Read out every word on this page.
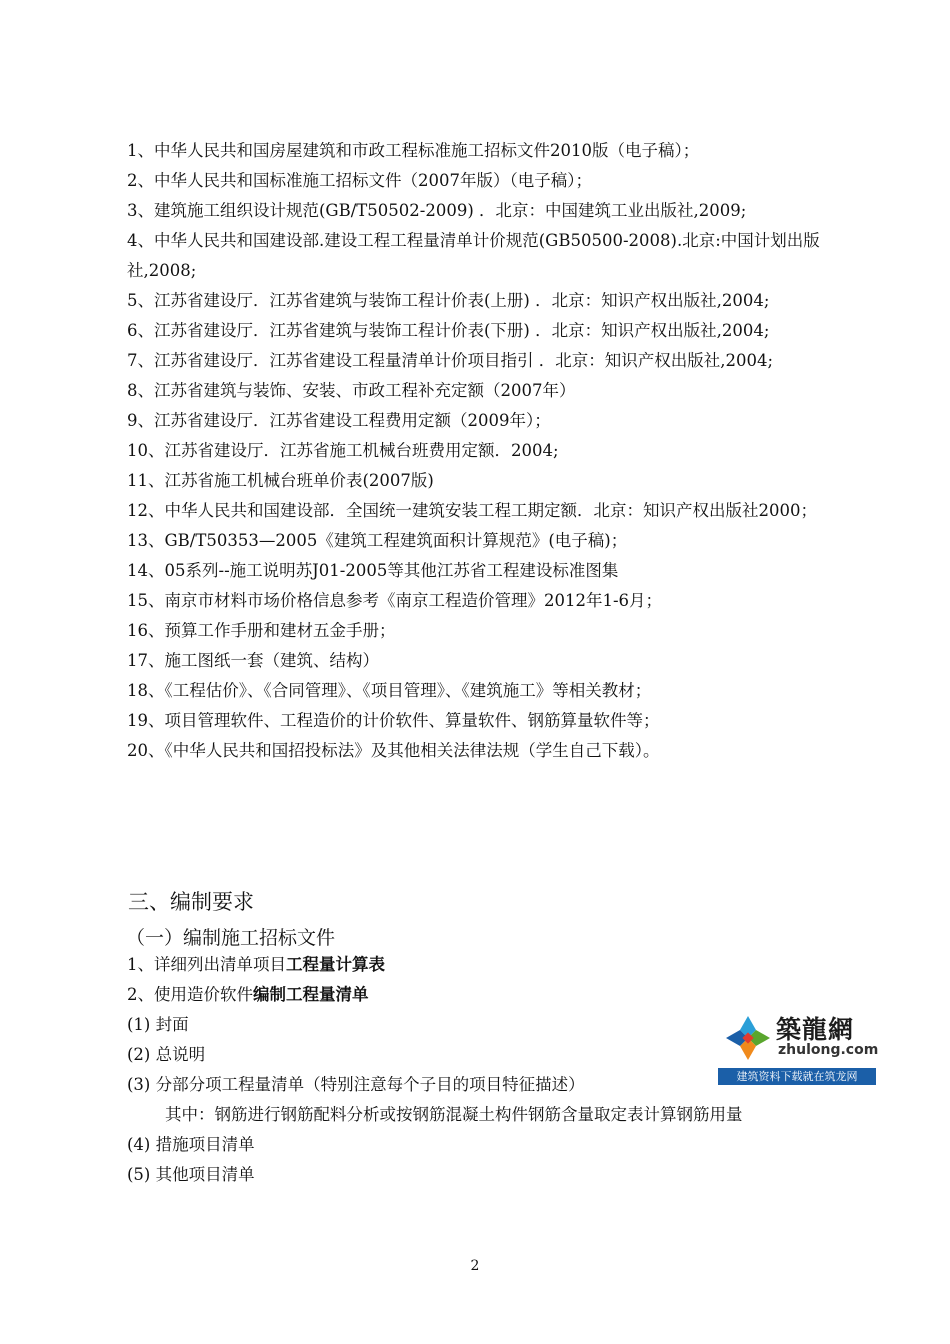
1、中华人民共和国房屋建筑和市政工程标准施工招标文件2010版（电子稿）；
2、中华人民共和国标准施工招标文件（2007年版）（电子稿）；
3、建筑施工组织设计规范(GB/T50502-2009) ．北京：中国建筑工业出版社,2009;
4、中华人民共和国建设部.建设工程工程量清单计价规范(GB50500-2008).北京:中国计划出版社,2008;
5、江苏省建设厅．江苏省建筑与装饰工程计价表(上册) ．北京：知识产权出版社,2004;
6、江苏省建设厅．江苏省建筑与装饰工程计价表(下册) ．北京：知识产权出版社,2004;
7、江苏省建设厅．江苏省建设工程量清单计价项目指引 ．北京：知识产权出版社,2004;
8、江苏省建筑与装饰、安装、市政工程补充定额（2007年）
9、江苏省建设厅．江苏省建设工程费用定额（2009年）；
10、江苏省建设厅．江苏省施工机械台班费用定额．2004;
11、江苏省施工机械台班单价表(2007版)
12、中华人民共和国建设部．全国统一建筑安装工程工期定额．北京：知识产权出版社2000；
13、GB/T50353—2005《建筑工程建筑面积计算规范》(电子稿)；
14、05系列--施工说明苏J01-2005等其他江苏省工程建设标准图集
15、南京市材料市场价格信息参考《南京工程造价管理》2012年1-6月；
16、预算工作手册和建材五金手册；
17、施工图纸一套（建筑、结构）
18、《工程估价》、《合同管理》、《项目管理》、《建筑施工》等相关教材；
19、项目管理软件、工程造价的计价软件、算量软件、钢筋算量软件等；
20、《中华人民共和国招投标法》及其他相关法律法规（学生自己下载）。
三、编制要求
（一）编制施工招标文件
1、详细列出清单项目工程量计算表
2、使用造价软件编制工程量清单
(1) 封面
(2) 总说明
(3) 分部分项工程量清单（特别注意每个子目的项目特征描述）
其中：钢筋进行钢筋配料分析或按钢筋混凝土构件钢筋含量取定表计算钢筋用量
(4) 措施项目清单
(5) 其他项目清单
築龍網
zhulong.com
建筑资料下载就在筑龙网
2
